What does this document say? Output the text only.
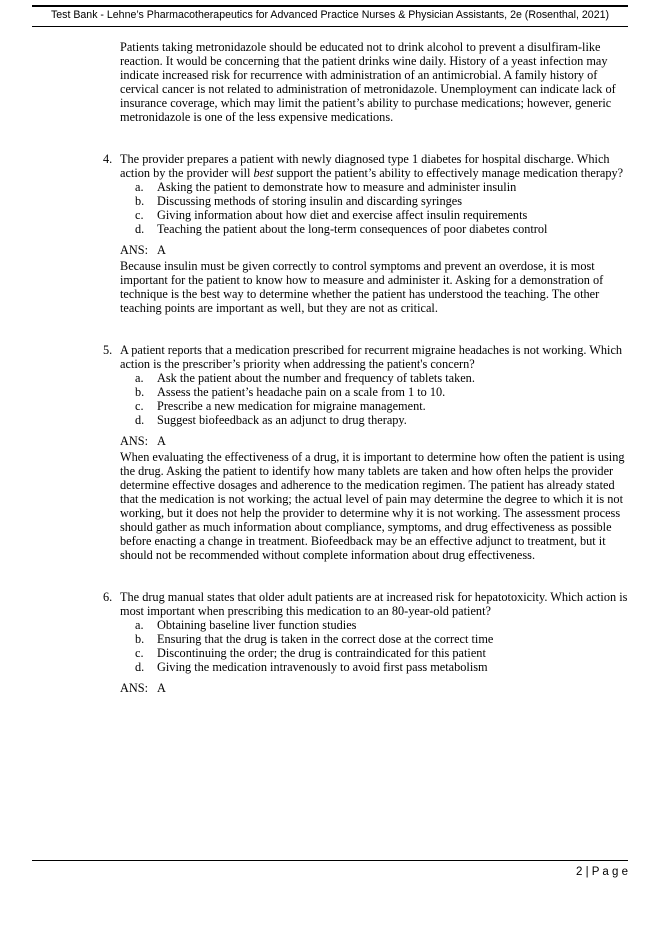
Test Bank - Lehne’s Pharmacotherapeutics for Advanced Practice Nurses & Physician Assistants, 2e (Rosenthal, 2021)

Patients taking metronidazole should be educated not to drink alcohol to prevent a disulfiram-like reaction. It would be concerning that the patient drinks wine daily. History of a yeast infection may indicate increased risk for recurrence with administration of an antimicrobial. A family history of cervical cancer is not related to administration of metronidazole. Unemployment can indicate lack of insurance coverage, which may limit the patient’s ability to purchase medications; however, generic metronidazole is one of the less expensive medications.

4. The provider prepares a patient with newly diagnosed type 1 diabetes for hospital discharge. Which action by the provider will best support the patient’s ability to effectively manage medication therapy?
a.	Asking the patient to demonstrate how to measure and administer insulin
b.	Discussing methods of storing insulin and discarding syringes
c.	Giving information about how diet and exercise affect insulin requirements
d.	Teaching the patient about the long-term consequences of poor diabetes control
ANS: A
Because insulin must be given correctly to control symptoms and prevent an overdose, it is most important for the patient to know how to measure and administer it. Asking for a demonstration of technique is the best way to determine whether the patient has understood the teaching. The other teaching points are important as well, but they are not as critical.
5. A patient reports that a medication prescribed for recurrent migraine headaches is not working. Which action is the prescriber’s priority when addressing the patient's concern?
a.	Ask the patient about the number and frequency of tablets taken.
b.	Assess the patient’s headache pain on a scale from 1 to 10.
c.	Prescribe a new medication for migraine management.
d.	Suggest biofeedback as an adjunct to drug therapy.
ANS: A
When evaluating the effectiveness of a drug, it is important to determine how often the patient is using the drug. Asking the patient to identify how many tablets are taken and how often helps the provider determine effective dosages and adherence to the medication regimen. The patient has already stated that the medication is not working; the actual level of pain may determine the degree to which it is not working, but it does not help the provider to determine why it is not working. The assessment process should gather as much information about compliance, symptoms, and drug effectiveness as possible before enacting a change in treatment. Biofeedback may be an effective adjunct to treatment, but it should not be recommended without complete information about drug effectiveness.
6. The drug manual states that older adult patients are at increased risk for hepatotoxicity. Which action is most important when prescribing this medication to an 80-year-old patient?
a.	Obtaining baseline liver function studies
b.	Ensuring that the drug is taken in the correct dose at the correct time
c.	Discontinuing the order; the drug is contraindicated for this patient
d.	Giving the medication intravenously to avoid first pass metabolism
ANS: A
2 | P a g e
